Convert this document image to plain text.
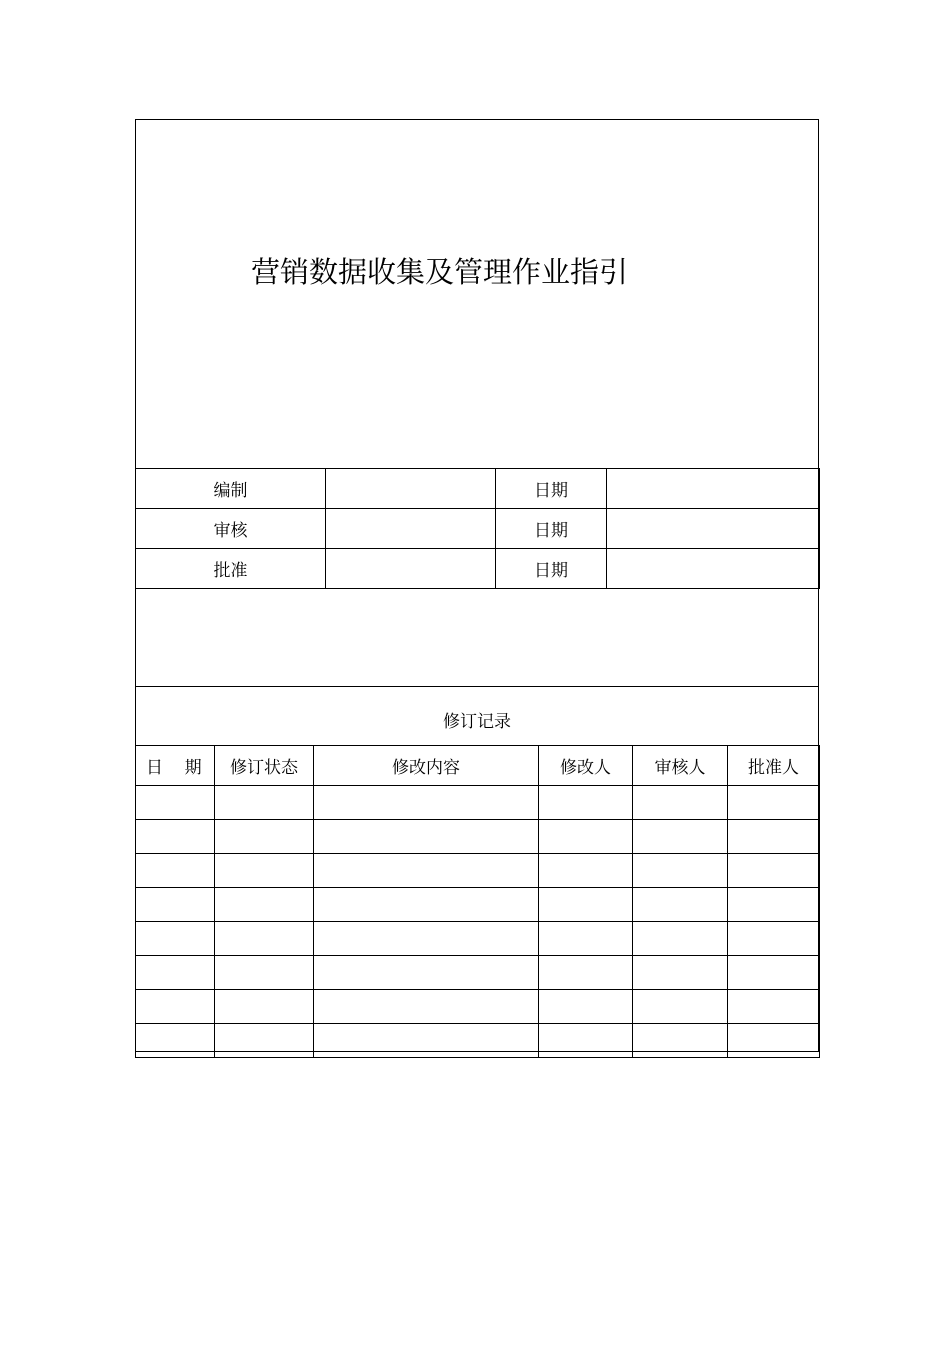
营销数据收集及管理作业指引
编制		日期	
审核		日期	
批准		日期	
修订记录
日    期	修订状态	修改内容	修改人	审核人	批准人
